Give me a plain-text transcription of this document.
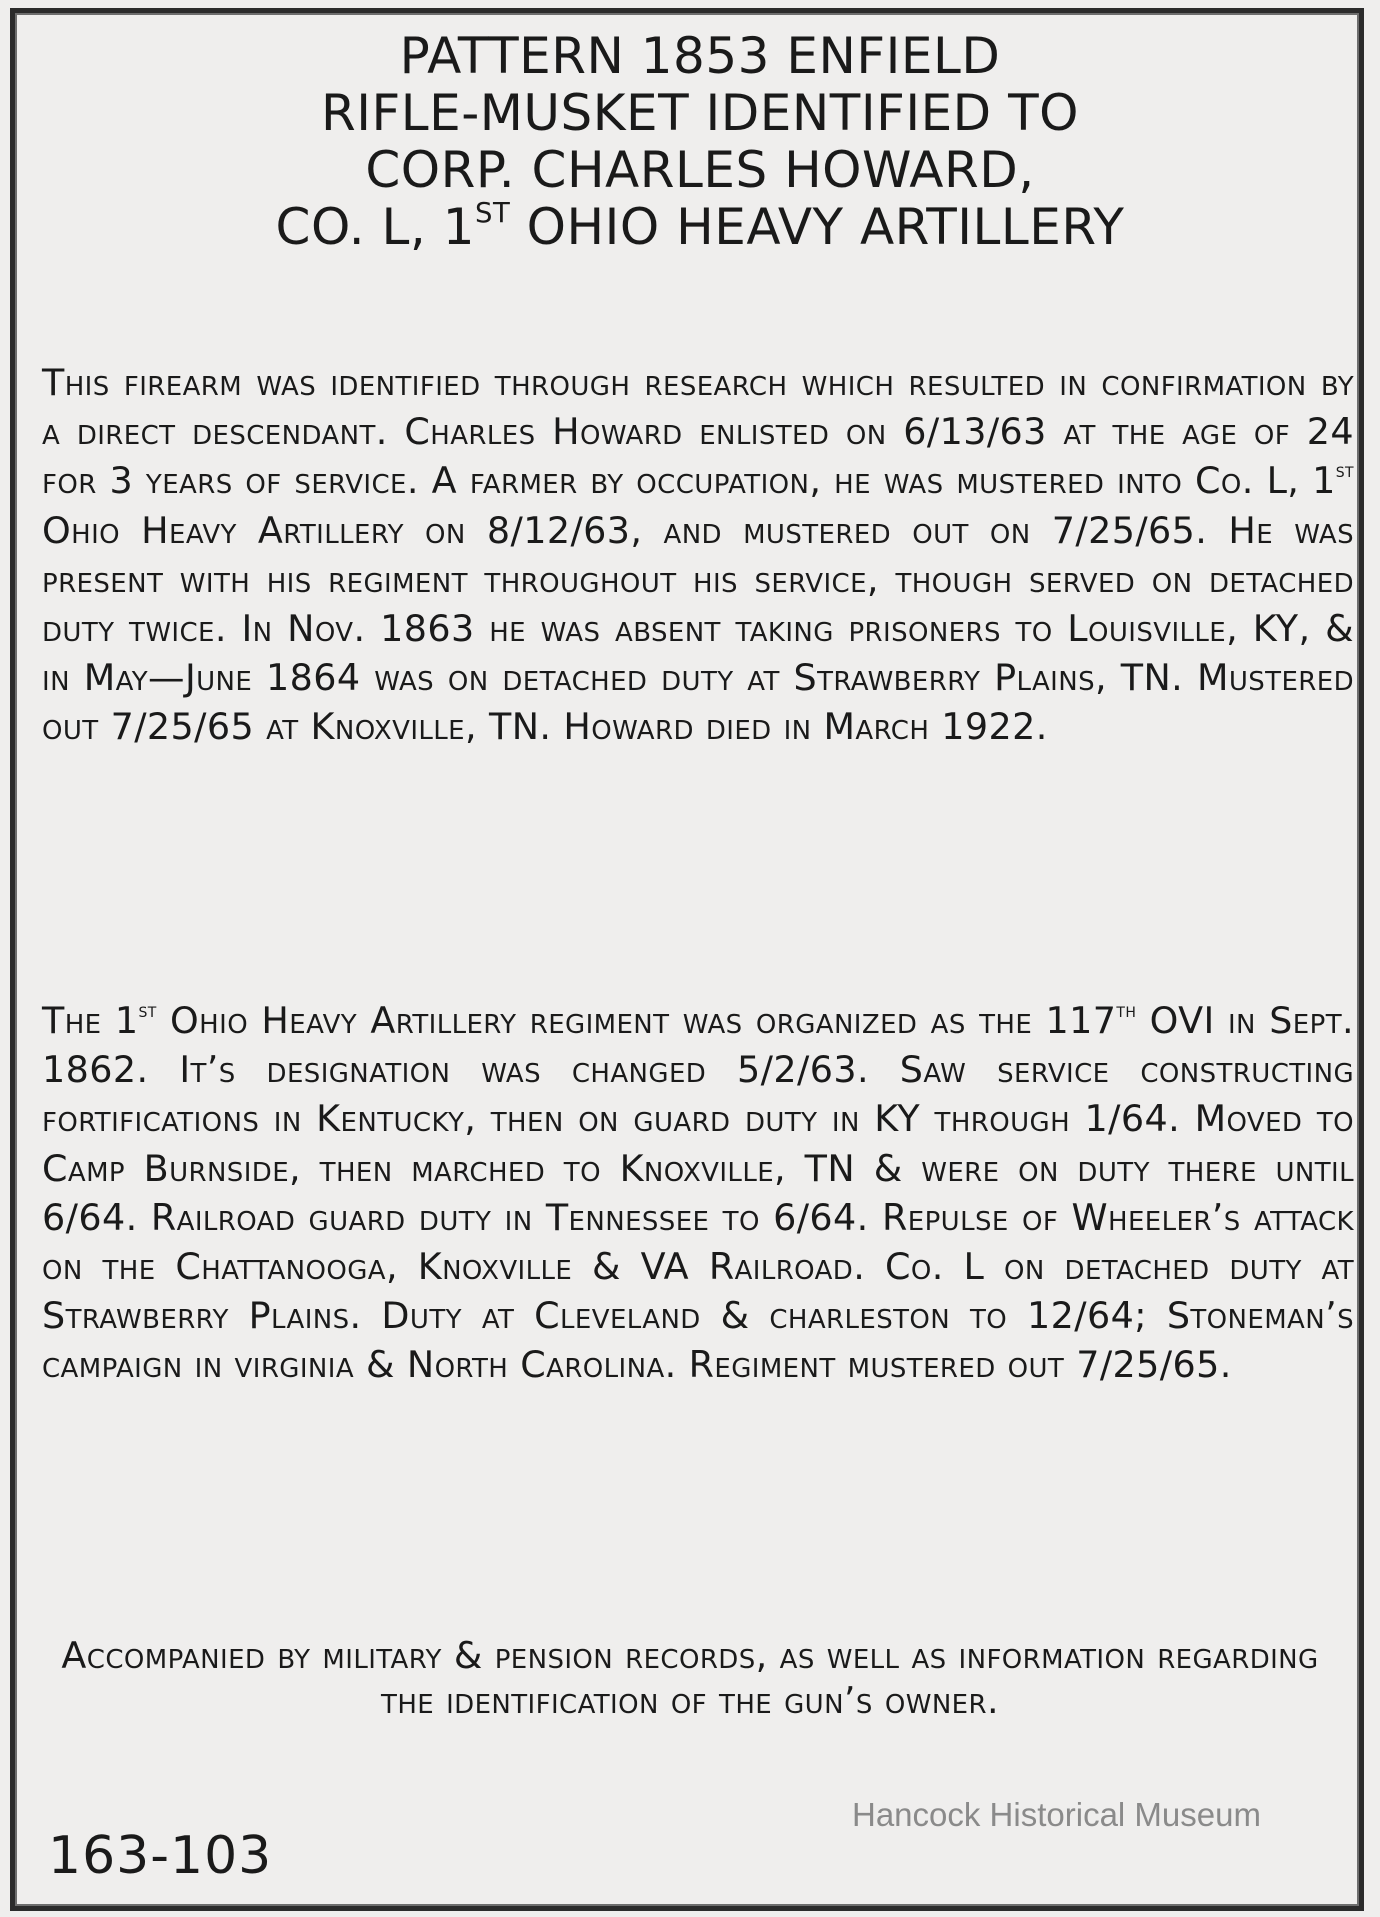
PATTERN 1853 ENFIELD
RIFLE-MUSKET IDENTIFIED TO
CORP. CHARLES HOWARD,
CO. L, 1ST OHIO HEAVY ARTILLERY
This firearm was identified through research which resulted in confirmation by a direct descendant. Charles Howard enlisted on 6/13/63 at the age of 24 for 3 years of service. A farmer by occupation, he was mustered into Co. L, 1st Ohio Heavy Artillery on 8/12/63, and mustered out on 7/25/65. He was present with his regiment throughout his service, though served on detached duty twice. In Nov. 1863 he was absent taking prisoners to Louisville, KY, & in May—June 1864 was on detached duty at Strawberry Plains, TN. Mustered out 7/25/65 at Knoxville, TN. Howard died in March 1922.
The 1st Ohio Heavy Artillery regiment was organized as the 117th OVI in Sept. 1862. It’s designation was changed 5/2/63. Saw service constructing fortifications in Kentucky, then on guard duty in KY through 1/64. Moved to Camp Burnside, then marched to Knoxville, TN & were on duty there until 6/64. Railroad guard duty in Tennessee to 6/64. Repulse of Wheeler’s attack on the Chattanooga, Knoxville & VA Railroad. Co. L on detached duty at Strawberry Plains. Duty at Cleveland & charleston to 12/64; Stoneman’s campaign in virginia & North Carolina. Regiment mustered out 7/25/65.
Accompanied by military & pension records, as well as information regarding the identification of the gun’s owner.
Hancock Historical Museum
163-103
